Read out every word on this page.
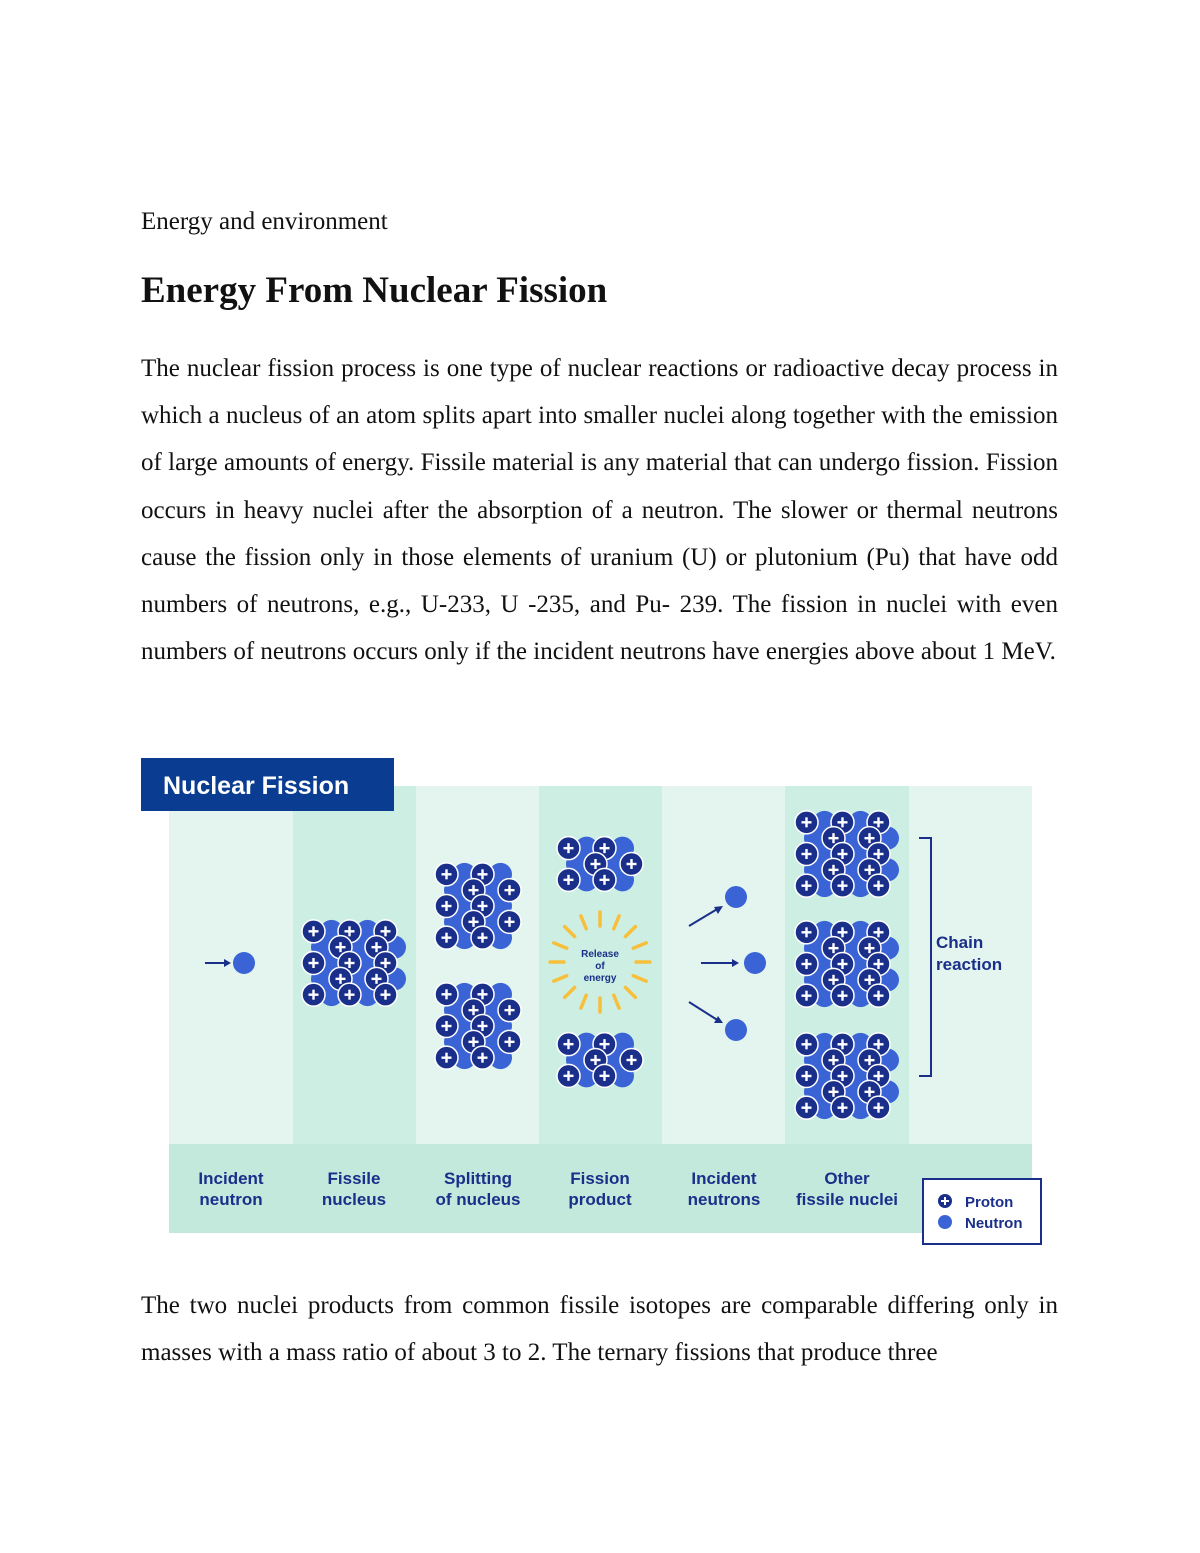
Energy and environment
Energy From Nuclear Fission

The nuclear fission process is one type of nuclear reactions or radioactive decay process in which a nucleus of an atom splits apart into smaller nuclei along together with the emission of large amounts of energy. Fissile material is any material that can undergo fission. Fission occurs in heavy nuclei after the absorption of a neutron. The slower or thermal neutrons cause the fission only in those elements of uranium (U) or plutonium (Pu) that have odd numbers of neutrons, e.g., U-233, U -235, and Pu- 239. The fission in nuclei with even numbers of neutrons occurs only if the incident neutrons have energies above about 1 MeV.

Nuclear Fission
Release
of
energy
Chain
reaction
Incident
neutron
Fissile
nucleus
Splitting
of nucleus
Fission
product
Incident
neutrons
Other
fissile nuclei	Proton
Neutron

The two nuclei products from common fissile isotopes are comparable differing only in masses with a mass ratio of about 3 to 2. The ternary fissions that produce three
